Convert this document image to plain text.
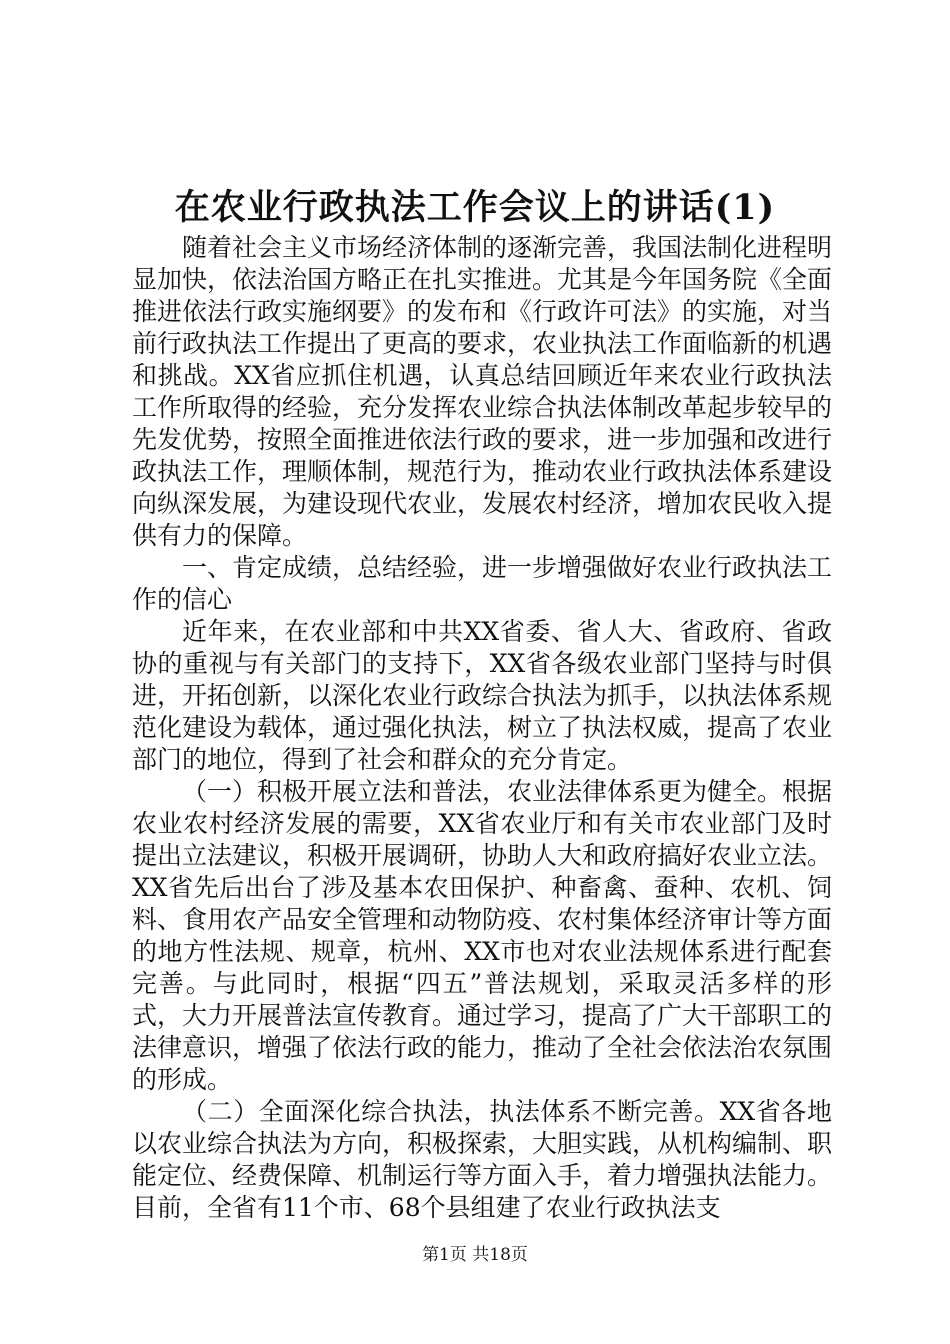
在农业行政执法工作会议上的讲话(1)

随着社会主义市场经济体制的逐渐完善，我国法制化进程明显加快，依法治国方略正在扎实推进。尤其是今年国务院《全面推进依法行政实施纲要》的发布和《行政许可法》的实施，对当前行政执法工作提出了更高的要求，农业执法工作面临新的机遇和挑战。XX省应抓住机遇，认真总结回顾近年来农业行政执法工作所取得的经验，充分发挥农业综合执法体制改革起步较早的先发优势，按照全面推进依法行政的要求，进一步加强和改进行政执法工作，理顺体制，规范行为，推动农业行政执法体系建设向纵深发展，为建设现代农业，发展农村经济，增加农民收入提供有力的保障。

一、肯定成绩，总结经验，进一步增强做好农业行政执法工作的信心

近年来，在农业部和中共XX省委、省人大、省政府、省政协的重视与有关部门的支持下，XX省各级农业部门坚持与时俱进，开拓创新，以深化农业行政综合执法为抓手，以执法体系规范化建设为载体，通过强化执法，树立了执法权威，提高了农业部门的地位，得到了社会和群众的充分肯定。

（一）积极开展立法和普法，农业法律体系更为健全。根据农业农村经济发展的需要，XX省农业厅和有关市农业部门及时提出立法建议，积极开展调研，协助人大和政府搞好农业立法。XX省先后出台了涉及基本农田保护、种畜禽、蚕种、农机、饲料、食用农产品安全管理和动物防疫、农村集体经济审计等方面的地方性法规、规章，杭州、XX市也对农业法规体系进行配套完善。与此同时，根据“四五”普法规划，采取灵活多样的形式，大力开展普法宣传教育。通过学习，提高了广大干部职工的法律意识，增强了依法行政的能力，推动了全社会依法治农氛围的形成。

（二）全面深化综合执法，执法体系不断完善。XX省各地以农业综合执法为方向，积极探索，大胆实践，从机构编制、职能定位、经费保障、机制运行等方面入手，着力增强执法能力。目前，全省有11个市、68个县组建了农业行政执法支

第1页 共18页
